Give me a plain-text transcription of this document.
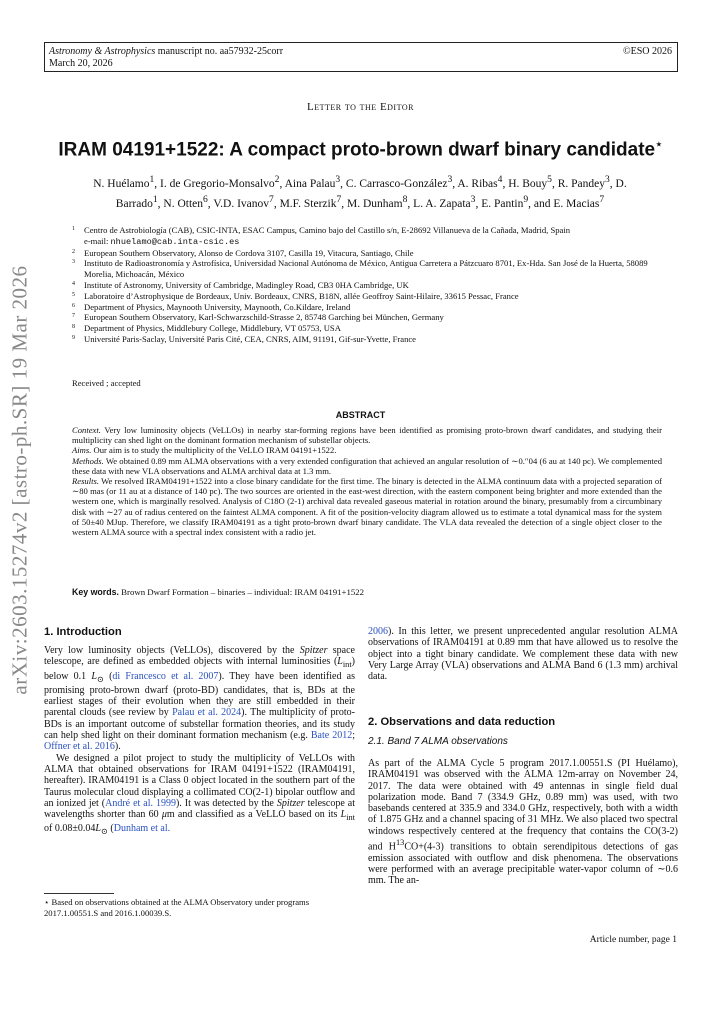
Astronomy & Astrophysics manuscript no. aa57932-25corr
March 20, 2026
©ESO 2026
Letter to the Editor
IRAM 04191+1522: A compact proto-brown dwarf binary candidate⋆
N. Huélamo$^1$, I. de Gregorio-Monsalvo$^2$, Aina Palau$^3$, C. Carrasco-González$^3$, A. Ribas$^4$, H. Bouy$^5$, R. Pandey$^3$, D.
Barrado$^1$, N. Otten$^6$, V.D. Ivanov$^7$, M.F. Sterzik$^7$, M. Dunham$^8$, L. A. Zapata$^3$, E. Pantin$^9$, and E. Macias$^7$
1 Centro de Astrobiología (CAB), CSIC-INTA, ESAC Campus, Camino bajo del Castillo s/n, E-28692 Villanueva de la Cañada, Madrid, Spain
e-mail: nhuelamo@cab.inta-csic.es
2 European Southern Observatory, Alonso de Cordova 3107, Casilla 19, Vitacura, Santiago, Chile
3 Instituto de Radioastronomía y Astrofísica, Universidad Nacional Autónoma de México, Antigua Carretera a Pátzcuaro 8701, Ex-Hda. San José de la Huerta, 58089 Morelia, Michoacán, México
4 Institute of Astronomy, University of Cambridge, Madingley Road, CB3 0HA Cambridge, UK
5 Laboratoire d’Astrophysique de Bordeaux, Univ. Bordeaux, CNRS, B18N, allée Geoffroy Saint-Hilaire, 33615 Pessac, France
6 Department of Physics, Maynooth University, Maynooth, Co.Kildare, Ireland
7 European Southern Observatory, Karl-Schwarzschild-Strasse 2, 85748 Garching bei München, Germany
8 Department of Physics, Middlebury College, Middlebury, VT 05753, USA
9 Université Paris-Saclay, Université Paris Cité, CEA, CNRS, AIM, 91191, Gif-sur-Yvette, France
Received ; accepted
ABSTRACT
Context. Very low luminosity objects (VeLLOs) in nearby star-forming regions have been identified as promising proto-brown dwarf candidates, and studying their multiplicity can shed light on the dominant formation mechanism of substellar objects.
Aims. Our aim is to study the multiplicity of the VeLLO IRAM 04191+1522.
Methods. We obtained 0.89 mm ALMA observations with a very extended configuration that achieved an angular resolution of ∼0.′′04 (6 au at 140 pc). We complemented these data with new VLA observations and ALMA archival data at 1.3 mm.
Results. We resolved IRAM04191+1522 into a close binary candidate for the first time. The binary is detected in the ALMA continuum data with a projected separation of ∼80 mas (or 11 au at a distance of 140 pc). The two sources are oriented in the east-west direction, with the eastern component being brighter and more extended than the western one, which is marginally resolved. Analysis of C18O (2-1) archival data revealed gaseous material in rotation around the binary, presumably from a circumbinary disk with ∼27 au of radius centered on the faintest ALMA component. A fit of the position-velocity diagram allowed us to estimate a total dynamical mass for the system of 50±40 MJup. Therefore, we classify IRAM04191 as a tight proto-brown dwarf binary candidate. The VLA data revealed the detection of a single object closer to the western ALMA source with a spectral index consistent with a radio jet.
Key words. Brown Dwarf Formation – binaries – individual: IRAM 04191+1522
arXiv:2603.15274v2 [astro-ph.SR] 19 Mar 2026 1. Introduction

Very low luminosity objects (VeLLOs), discovered by the Spitzer space telescope, are defined as embedded objects with internal luminosities $(L_{int})$ below 0.1 $L_⊙$ (di Francesco et al. 2007). They have been identified as promising proto-brown dwarf (proto-BD) candidates, that is, BDs at the earliest stages of their evolution when they are still embedded in their parental clouds (see review by Palau et al. 2024). The multiplicity of proto-BDs is an important outcome of substellar formation theories, and its study can help shed light on their dominant formation mechanism (e.g. Bate 2012; Offner et al. 2016).

We designed a pilot project to study the multiplicity of VeLLOs with ALMA that obtained observations for IRAM 04191+1522 (IRAM04191, hereafter). IRAM04191 is a Class 0 object located in the southern part of the Taurus molecular cloud displaying a collimated CO(2-1) bipolar outflow and an ionized jet (André et al. 1999). It was detected by the Spitzer telescope at wavelengths shorter than 60 μm and classified as a VeLLO based on its $L_{int}$ of $0.08\pm 0.04L_⊙$ (Dunham et al.

⋆ Based on observations obtained at the ALMA Observatory under programs 2017.1.00551.S and 2016.1.00039.S.

2006). In this letter, we present unprecedented angular resolution ALMA observations of IRAM04191 at 0.89 mm that have allowed us to resolve the object into a tight binary candidate. We complement these data with new Very Large Array (VLA) observations and ALMA Band 6 (1.3 mm) archival data.

2. Observations and data reduction
2.1. Band 7 ALMA observations

As part of the ALMA Cycle 5 program 2017.1.00551.S (PI Huélamo), IRAM04191 was observed with the ALMA 12m-array on November 24, 2017. The data were obtained with 49 antennas in single field dual polarization mode. Band 7 (334.9 GHz, 0.89 mm) was used, with two basebands centered at 335.9 and 334.0 GHz, respectively, both with a width of 1.875 GHz and a channel spacing of 31 MHz. We also placed two spectral windows respectively centered at the frequency that contains the CO(3-2) and $H^{13}CO+(4-3)$ transitions to obtain serendipitous detections of gas emission associated with outflow and disk phenomena. The observations were performed with an average precipitable water-vapor column of ∼0.6 mm. The an-

Article number, page 1
